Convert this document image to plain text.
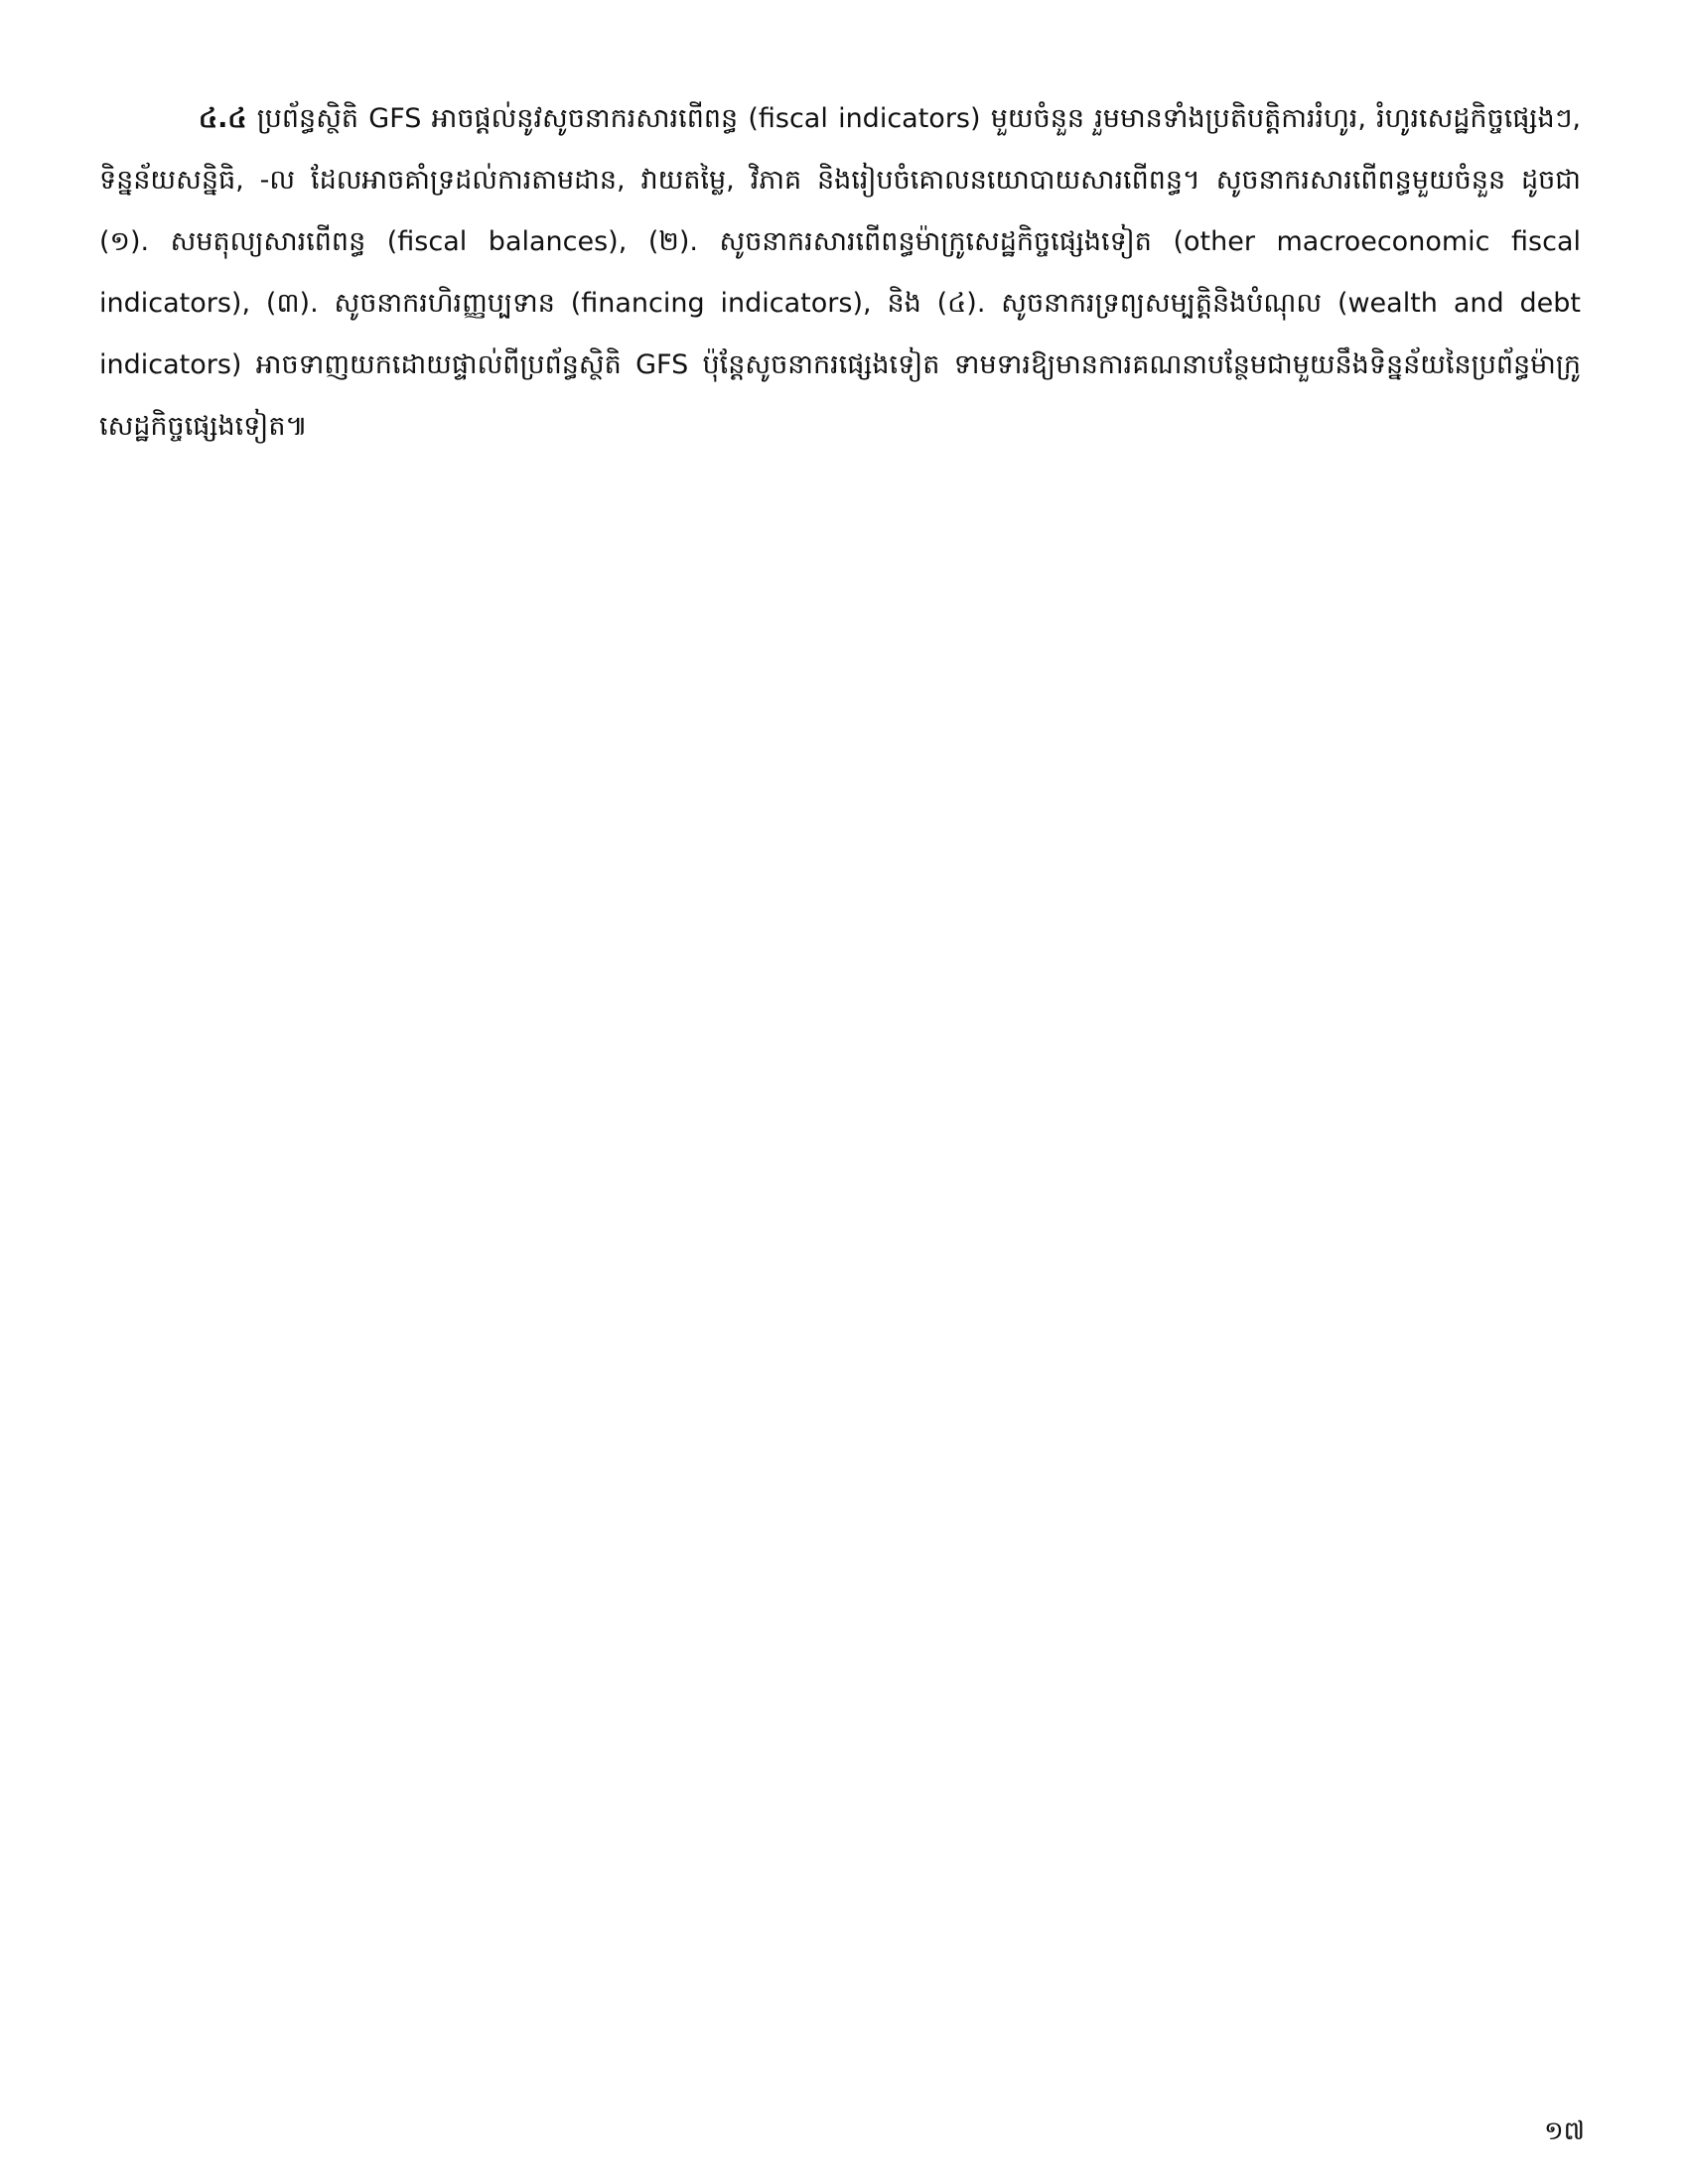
៤.៤ ប្រព័ន្ធស្ថិតិ GFS អាចផ្តល់នូវសូចនាករសារពើពន្ធ (fiscal indicators) មួយចំនួន រួមមានទាំងប្រតិបត្តិការរំហូរ, រំហូរសេដ្ឋកិច្ចផ្សេងៗ, ទិន្នន័យសន្និធិ, ‑ល ដែលអាចគាំទ្រដល់ការតាមដាន, វាយតម្លៃ, វិភាគ និងរៀបចំគោលនយោបាយសារពើពន្ធ។ សូចនាករសារពើពន្ធមួយចំនួន ដូចជា (១). សមតុល្យសារពើពន្ធ (fiscal balances), (២). សូចនាករសារពើពន្ធម៉ាក្រូសេដ្ឋកិច្ចផ្សេងទៀត (other macroeconomic fiscal indicators), (៣). សូចនាករហិរញ្ញប្បទាន (financing indicators), និង (៤). សូចនាករទ្រព្យសម្បត្តិនិងបំណុល (wealth and debt indicators) អាចទាញយកដោយផ្ទាល់ពីប្រព័ន្ធស្ថិតិ GFS ប៉ុន្តែសូចនាករផ្សេងទៀត ទាមទារឱ្យមានការគណនាបន្ថែមជាមួយនឹងទិន្នន័យនៃប្រព័ន្ធម៉ាក្រូសេដ្ឋកិច្ចផ្សេងទៀត៕

១៧
